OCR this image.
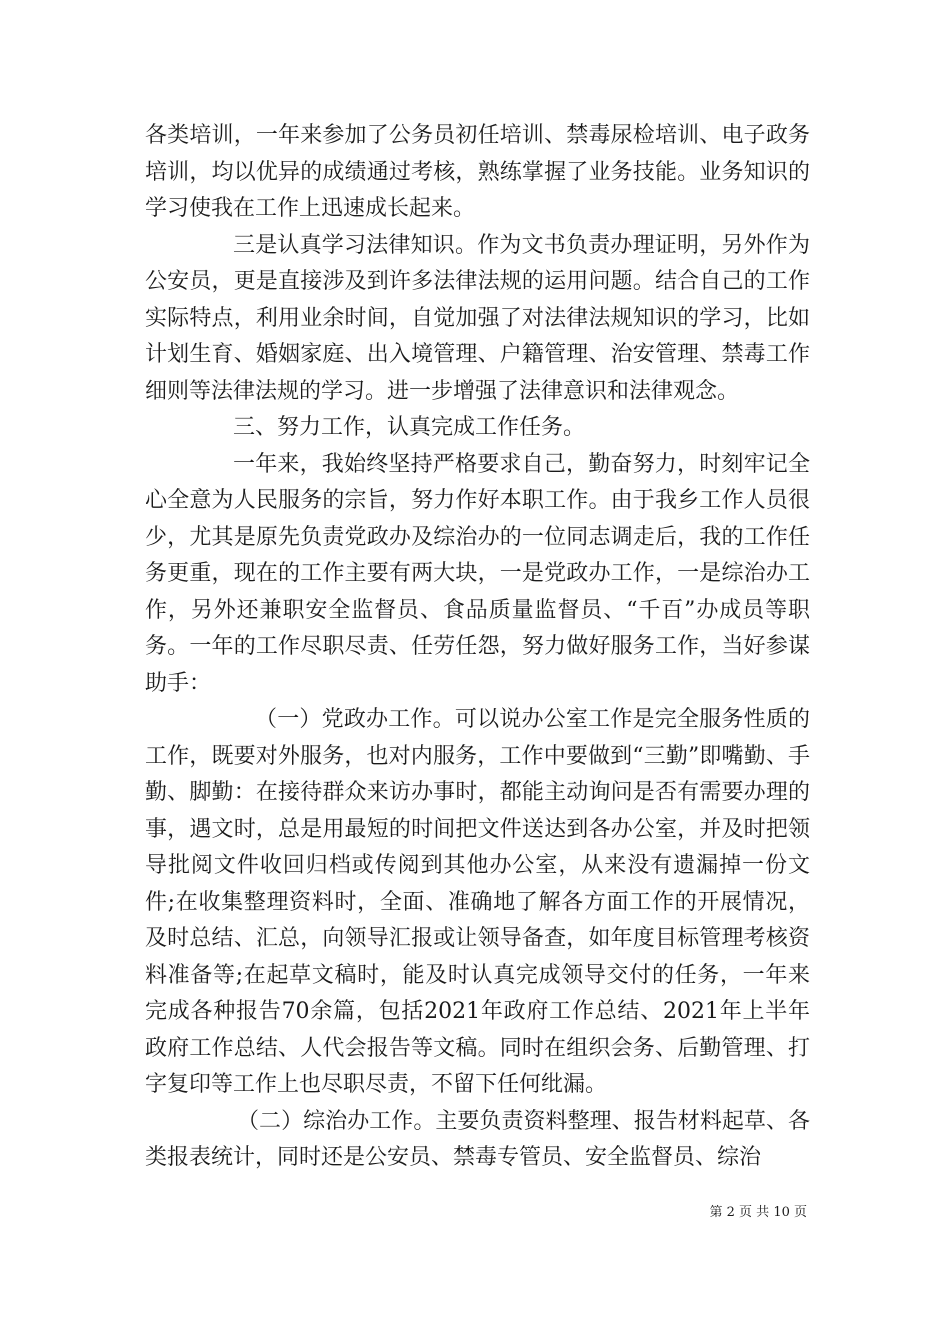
各类培训，一年来参加了公务员初任培训、禁毒尿检培训、电子政务培训，均以优异的成绩通过考核，熟练掌握了业务技能。业务知识的学习使我在工作上迅速成长起来。

三是认真学习法律知识。作为文书负责办理证明，另外作为公安员，更是直接涉及到许多法律法规的运用问题。结合自己的工作实际特点，利用业余时间，自觉加强了对法律法规知识的学习，比如计划生育、婚姻家庭、出入境管理、户籍管理、治安管理、禁毒工作细则等法律法规的学习。进一步增强了法律意识和法律观念。

三、努力工作，认真完成工作任务。

一年来，我始终坚持严格要求自己，勤奋努力，时刻牢记全心全意为人民服务的宗旨，努力作好本职工作。由于我乡工作人员很少，尤其是原先负责党政办及综治办的一位同志调走后，我的工作任务更重，现在的工作主要有两大块，一是党政办工作，一是综治办工作，另外还兼职安全监督员、食品质量监督员、“千百”办成员等职务。一年的工作尽职尽责、任劳任怨，努力做好服务工作，当好参谋助手：

（一）党政办工作。可以说办公室工作是完全服务性质的工作，既要对外服务，也对内服务，工作中要做到“三勤”即嘴勤、手勤、脚勤：在接待群众来访办事时，都能主动询问是否有需要办理的事，遇文时，总是用最短的时间把文件送达到各办公室，并及时把领导批阅文件收回归档或传阅到其他办公室，从来没有遗漏掉一份文件;在收集整理资料时，全面、准确地了解各方面工作的开展情况，及时总结、汇总，向领导汇报或让领导备查，如年度目标管理考核资料准备等;在起草文稿时，能及时认真完成领导交付的任务，一年来完成各种报告70余篇，包括2021年政府工作总结、2021年上半年政府工作总结、人代会报告等文稿。同时在组织会务、后勤管理、打字复印等工作上也尽职尽责，不留下任何纰漏。

（二）综治办工作。主要负责资料整理、报告材料起草、各类报表统计，同时还是公安员、禁毒专管员、安全监督员、综治

第 2 页 共 10 页
